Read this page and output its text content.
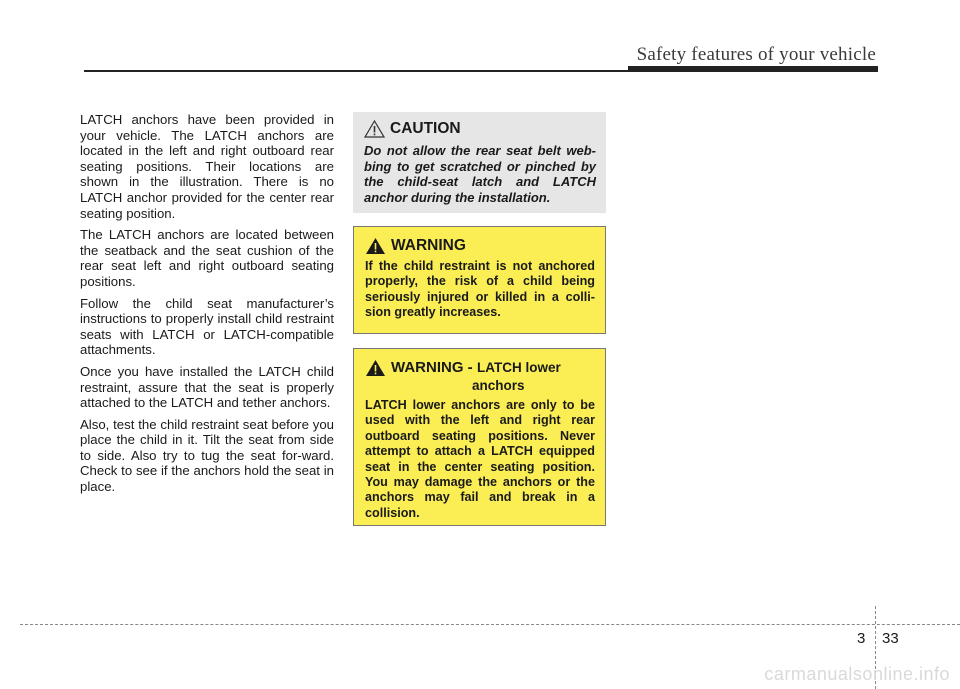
Safety features of your vehicle

LATCH anchors have been provided in your vehicle. The LATCH anchors are located in the left and right outboard rear seating positions. Their locations are shown in the illustration. There is no LATCH anchor provided for the center rear seating position.

The LATCH anchors are located between the seatback and the seat cushion of the rear seat left and right outboard seating positions.

Follow the child seat manufacturer’s instructions to properly install child restraint seats with LATCH or LATCH-compatible attachments.

Once you have installed the LATCH child restraint, assure that the seat is properly attached to the LATCH and tether anchors.

Also, test the child restraint seat before you place the child in it. Tilt the seat from side to side. Also try to tug the seat for-ward. Check to see if the anchors hold the seat in place.

CAUTION
Do not allow the rear seat belt web-bing to get scratched or pinched by the child-seat latch and LATCH anchor during the installation.
WARNING
If the child restraint is not anchored properly, the risk of a child being seriously injured or killed in a colli-sion greatly increases.
WARNING -
LATCH lower
anchors
LATCH lower anchors are only to be used with the left and right rear outboard seating positions. Never attempt to attach a LATCH equipped seat in the center seating position. You may damage the anchors or the anchors may fail and break in a collision.
3 33
carmanualsonline.info
